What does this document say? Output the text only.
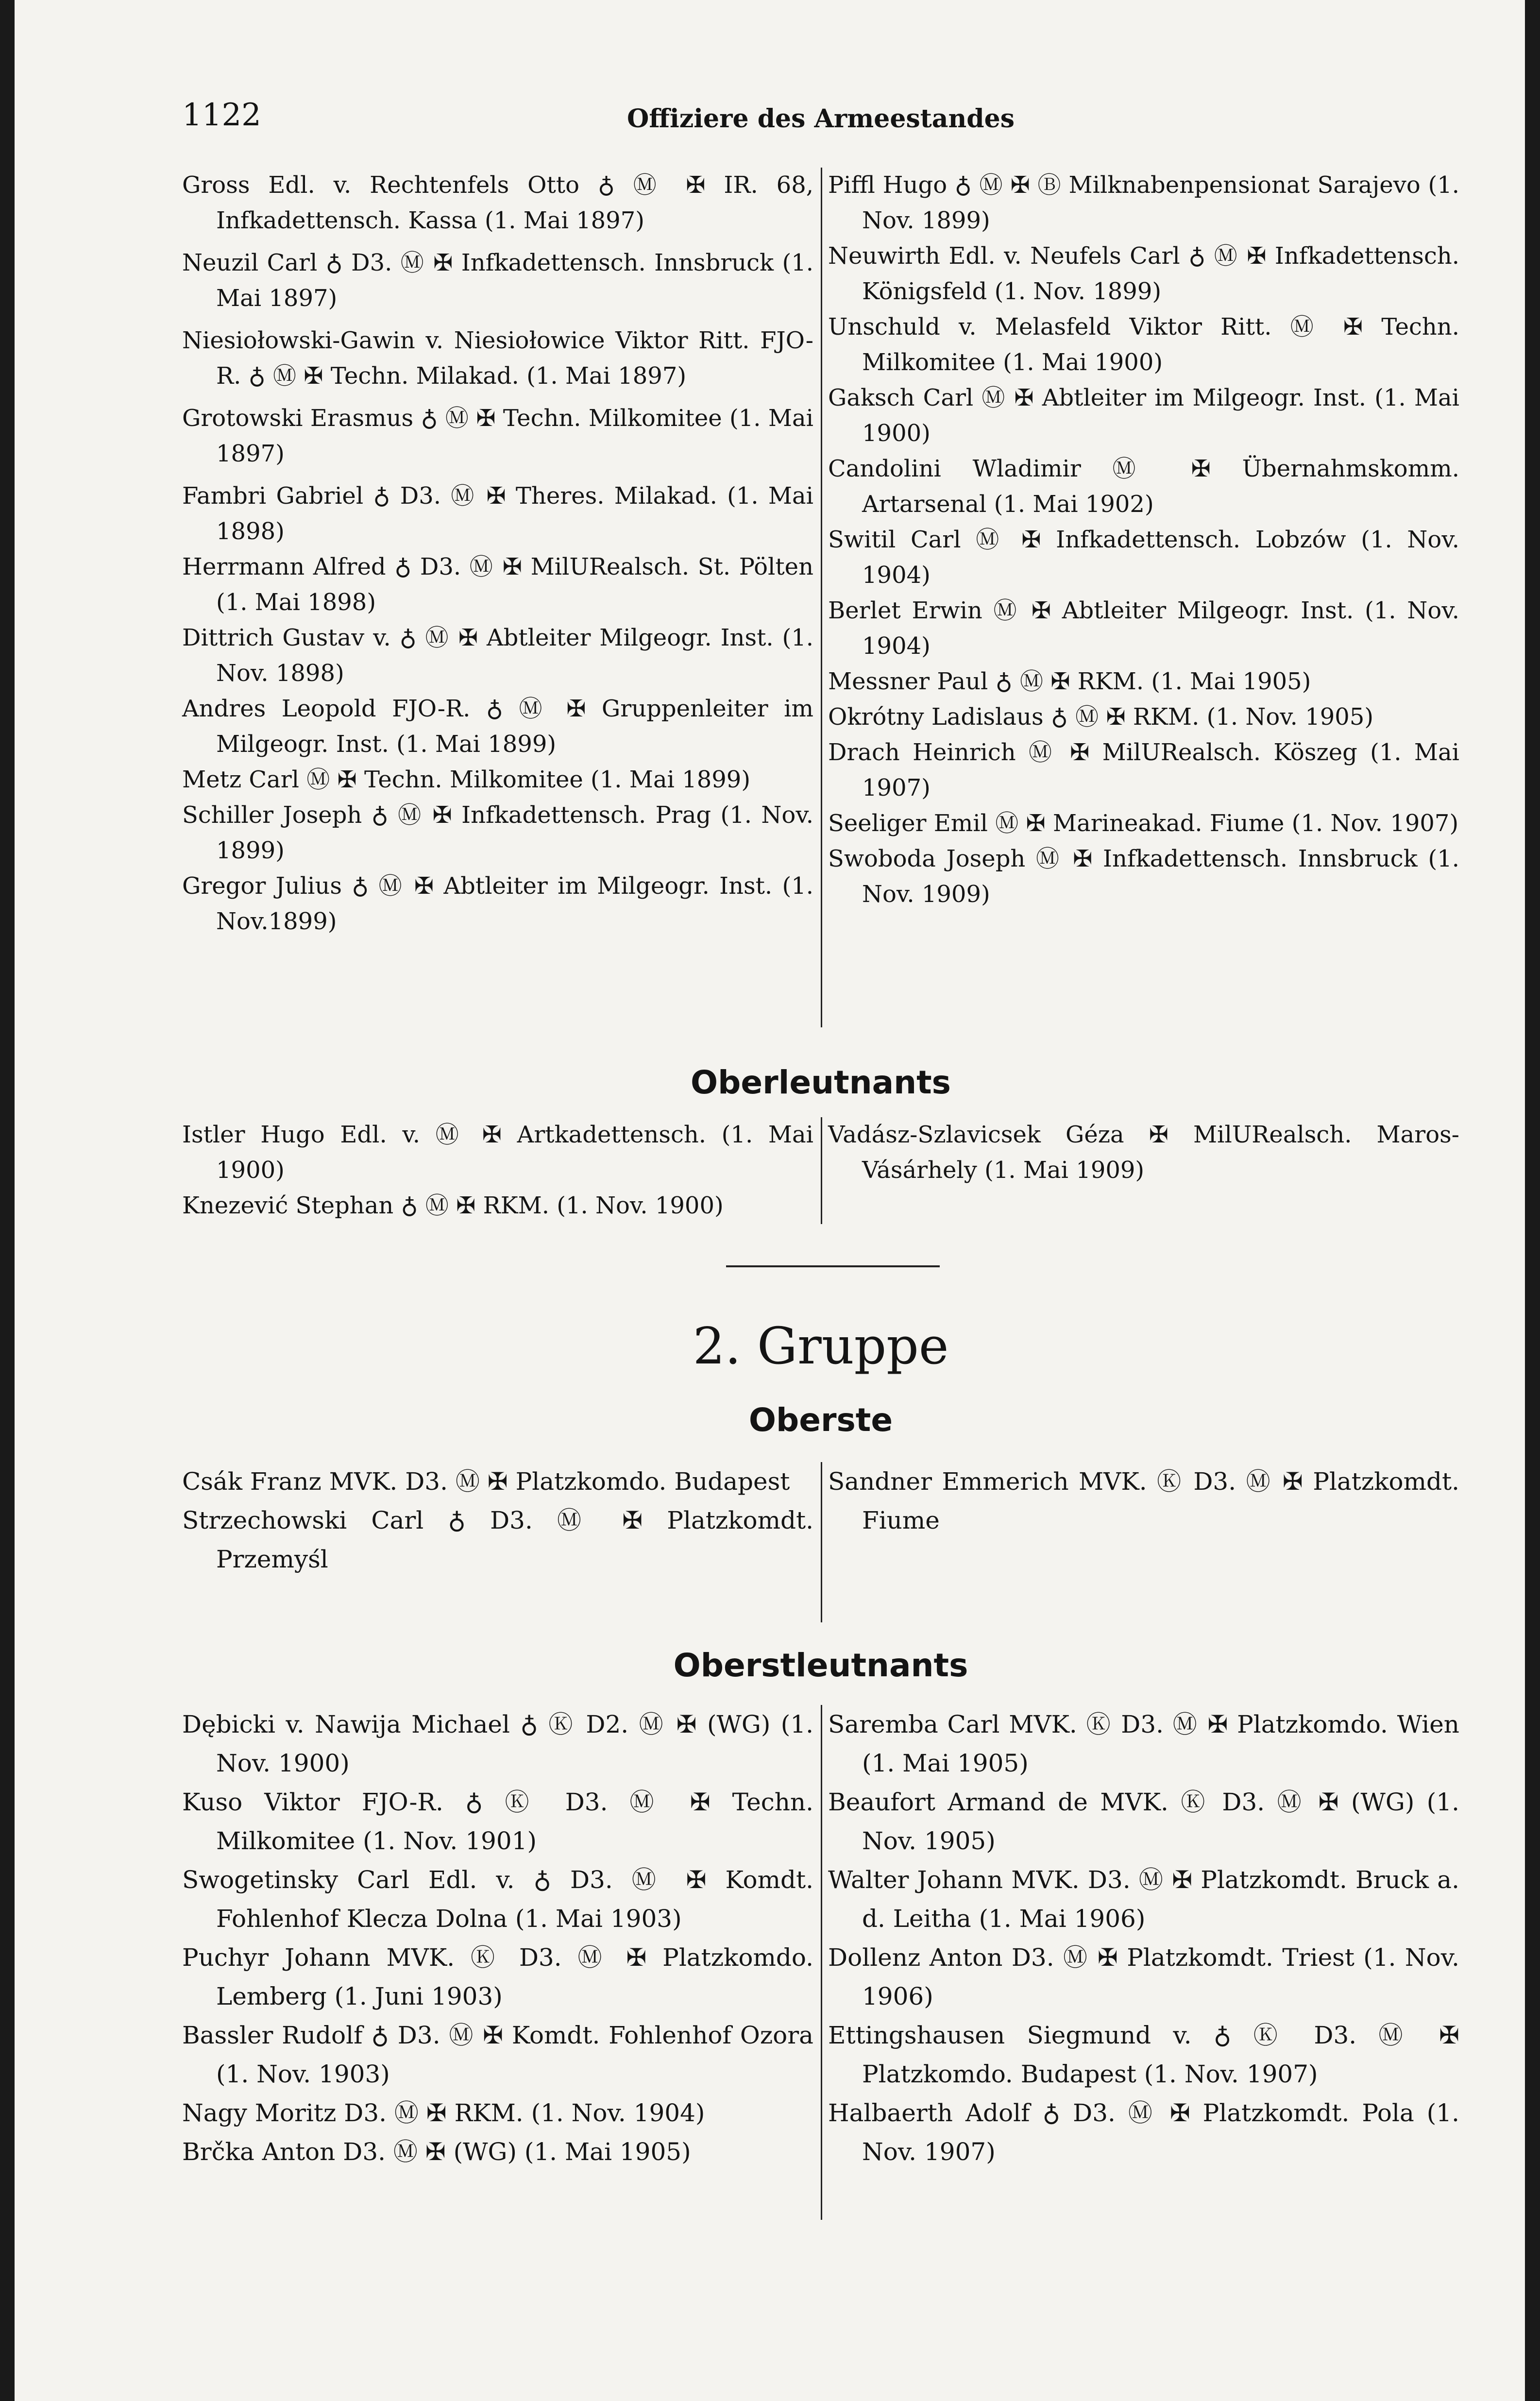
1122	Offiziere des Armeestandes

Gross Edl. v. Rechtenfels Otto ♁ Ⓜ ✠ IR. 68, Infkadettensch. Kassa (1. Mai 1897)

Neuzil Carl ♁ D3. Ⓜ ✠ Infkadettensch. Innsbruck (1. Mai 1897)

Niesiołowski-Gawin v. Niesiołowice Viktor Ritt. FJO-R. ♁ Ⓜ ✠ Techn. Milakad. (1. Mai 1897)

Grotowski Erasmus ♁ Ⓜ ✠ Techn. Milkomitee (1. Mai 1897)

Fambri Gabriel ♁ D3. Ⓜ ✠ Theres. Milakad. (1. Mai 1898)

Herrmann Alfred ♁ D3. Ⓜ ✠ MilURealsch. St. Pölten (1. Mai 1898)

Dittrich Gustav v. ♁ Ⓜ ✠ Abtleiter Milgeogr. Inst. (1. Nov. 1898)

Andres Leopold FJO-R. ♁ Ⓜ ✠ Gruppenleiter im Milgeogr. Inst. (1. Mai 1899)

Metz Carl Ⓜ ✠ Techn. Milkomitee (1. Mai 1899)

Schiller Joseph ♁ Ⓜ ✠ Infkadettensch. Prag (1. Nov. 1899)

Gregor Julius ♁ Ⓜ ✠ Abtleiter im Milgeogr. Inst. (1. Nov.1899)

Piffl Hugo ♁ Ⓜ ✠ Ⓑ Milknabenpensionat Sarajevo (1. Nov. 1899)

Neuwirth Edl. v. Neufels Carl ♁ Ⓜ ✠ Infkadettensch. Königsfeld (1. Nov. 1899)

Unschuld v. Melasfeld Viktor Ritt. Ⓜ ✠ Techn. Milkomitee (1. Mai 1900)

Gaksch Carl Ⓜ ✠ Abtleiter im Milgeogr. Inst. (1. Mai 1900)

Candolini Wladimir Ⓜ ✠ Übernahmskomm. Artarsenal (1. Mai 1902)

Switil Carl Ⓜ ✠ Infkadettensch. Lobzów (1. Nov. 1904)

Berlet Erwin Ⓜ ✠ Abtleiter Milgeogr. Inst. (1. Nov. 1904)

Messner Paul ♁ Ⓜ ✠ RKM. (1. Mai 1905)

Okrótny Ladislaus ♁ Ⓜ ✠ RKM. (1. Nov. 1905)

Drach Heinrich Ⓜ ✠ MilURealsch. Köszeg (1. Mai 1907)

Seeliger Emil Ⓜ ✠ Marineakad. Fiume (1. Nov. 1907)

Swoboda Joseph Ⓜ ✠ Infkadettensch. Innsbruck (1. Nov. 1909)

Oberleutnants

Istler Hugo Edl. v. Ⓜ ✠ Artkadettensch. (1. Mai 1900)

Knezević Stephan ♁ Ⓜ ✠ RKM. (1. Nov. 1900)

Vadász-Szlavicsek Géza ✠ MilURealsch. Maros-Vásárhely (1. Mai 1909)

2. Gruppe
Oberste

Csák Franz MVK. D3. Ⓜ ✠ Platzkomdo. Budapest

Strzechowski Carl ♁ D3. Ⓜ ✠ Platzkomdt. Przemyśl

Sandner Emmerich MVK. Ⓚ D3. Ⓜ ✠ Platzkomdt. Fiume

Oberstleutnants

Dębicki v. Nawija Michael ♁ Ⓚ D2. Ⓜ ✠ (WG) (1. Nov. 1900)

Kuso Viktor FJO-R. ♁ Ⓚ D3. Ⓜ ✠ Techn. Milkomitee (1. Nov. 1901)

Swogetinsky Carl Edl. v. ♁ D3. Ⓜ ✠ Komdt. Fohlenhof Klecza Dolna (1. Mai 1903)

Puchyr Johann MVK. Ⓚ D3. Ⓜ ✠ Platzkomdo. Lemberg (1. Juni 1903)

Bassler Rudolf ♁ D3. Ⓜ ✠ Komdt. Fohlenhof Ozora (1. Nov. 1903)

Nagy Moritz D3. Ⓜ ✠ RKM. (1. Nov. 1904)

Brčka Anton D3. Ⓜ ✠ (WG) (1. Mai 1905)

Saremba Carl MVK. Ⓚ D3. Ⓜ ✠ Platzkomdo. Wien (1. Mai 1905)

Beaufort Armand de MVK. Ⓚ D3. Ⓜ ✠ (WG) (1. Nov. 1905)

Walter Johann MVK. D3. Ⓜ ✠ Platzkomdt. Bruck a. d. Leitha (1. Mai 1906)

Dollenz Anton D3. Ⓜ ✠ Platzkomdt. Triest (1. Nov. 1906)

Ettingshausen Siegmund v. ♁ Ⓚ D3. Ⓜ ✠ Platzkomdo. Budapest (1. Nov. 1907)

Halbaerth Adolf ♁ D3. Ⓜ ✠ Platzkomdt. Pola (1. Nov. 1907)
